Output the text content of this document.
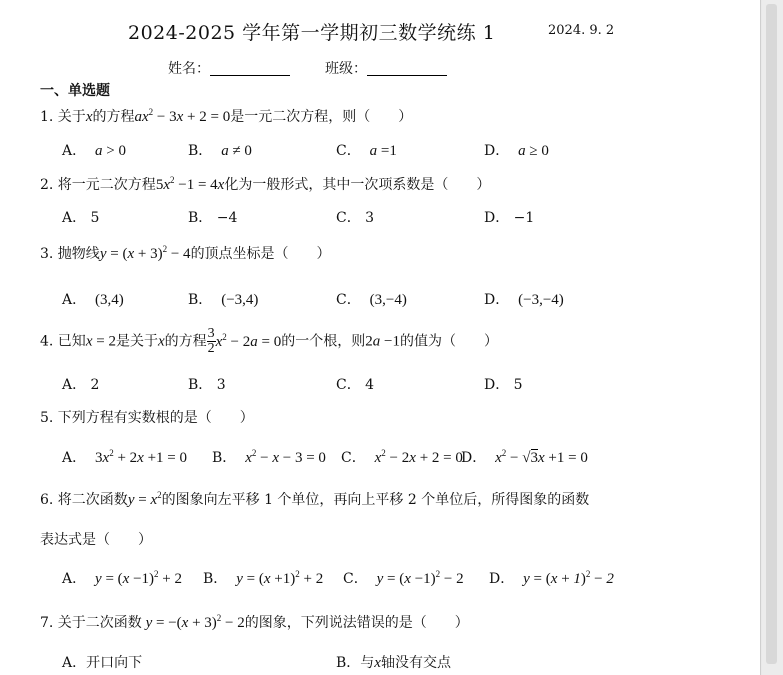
2024-2025 学年第一学期初三数学统练 1	2024. 9. 2
姓名：	班级：
一、单选题
1. 关于x的方程$ax^2 - 3x + 2 = 0$是一元二次方程，则（　　）
A．  a > 0	B．  a ≠ 0	C．  a =1	D．  a ≥ 0
2. 将一元二次方程$5x^2 -1 = 4x$化为一般形式，其中一次项系数是（　　）
A． 5	B． −4	C． 3	D． −1
3. 抛物线$y = (x + 3)^2 - 4$的顶点坐标是（　　）
A．  (3,4)	B．  (−3,4)	C．  (3,−4)	D．  (−3,−4)
4. 已知x = 2是关于x的方程 $\frac{3}{2} x^2 - 2a = 0$的一个根，则2a −1的值为（　　）
A． 2	B． 3	C． 4	D． 5
5. 下列方程有实数根的是（　　）
A．  $3x^2 + 2x +1 = 0$ B．  $x^2 - x - 3 = 0$ C．  $x^2 - 2x + 2 = 0$
D．  $x^2 - √3x +1 = 0$
6. 将二次函数$y = x^2$的图象向左平移 1 个单位，再向上平移 2 个单位后，所得图象的函数
表达式是（　　）
A．  $y = (x -1)^2 + 2$ B．  $y = (x +1)^2 + 2$ C．  $y = (x -1)^2 - 2$ D．  $y = (x + 1)^2 - 2$
7. 关于二次函数 $y = -(x + 3)^2 - 2$的图象，下列说法错误的是（　　）
A．开口向下	B．与x轴没有交点
